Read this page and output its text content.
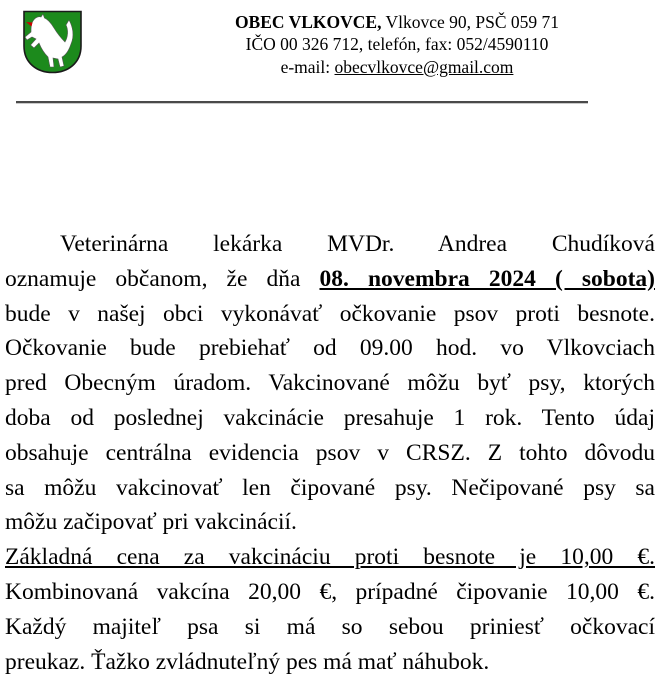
OBEC VLKOVCE, Vlkovce 90, PSČ 059 71
IČO 00 326 712, telefón, fax: 052/4590110
e-mail: obecvlkovce@gmail.com
Veterinárna lekárka MVDr. Andrea Chudíková
oznamuje občanom, že dňa 08. novembra 2024 ( sobota)
bude v našej obci vykonávať očkovanie psov proti besnote.
Očkovanie bude prebiehať od 09.00 hod. vo Vlkovciach
pred Obecným úradom. Vakcinované môžu byť psy, ktorých
doba od poslednej vakcinácie presahuje 1 rok. Tento údaj
obsahuje centrálna evidencia psov v CRSZ. Z tohto dôvodu
sa môžu vakcinovať len čipované psy. Nečipované psy sa
môžu začipovať pri vakcinácií.
Základná cena za vakcináciu proti besnote je 10,00 €.
Kombinovaná vakcína 20,00 €, prípadné čipovanie 10,00 €.
Každý majiteľ psa si má so sebou priniesť očkovací
preukaz. Ťažko zvládnuteľný pes má mať náhubok.
